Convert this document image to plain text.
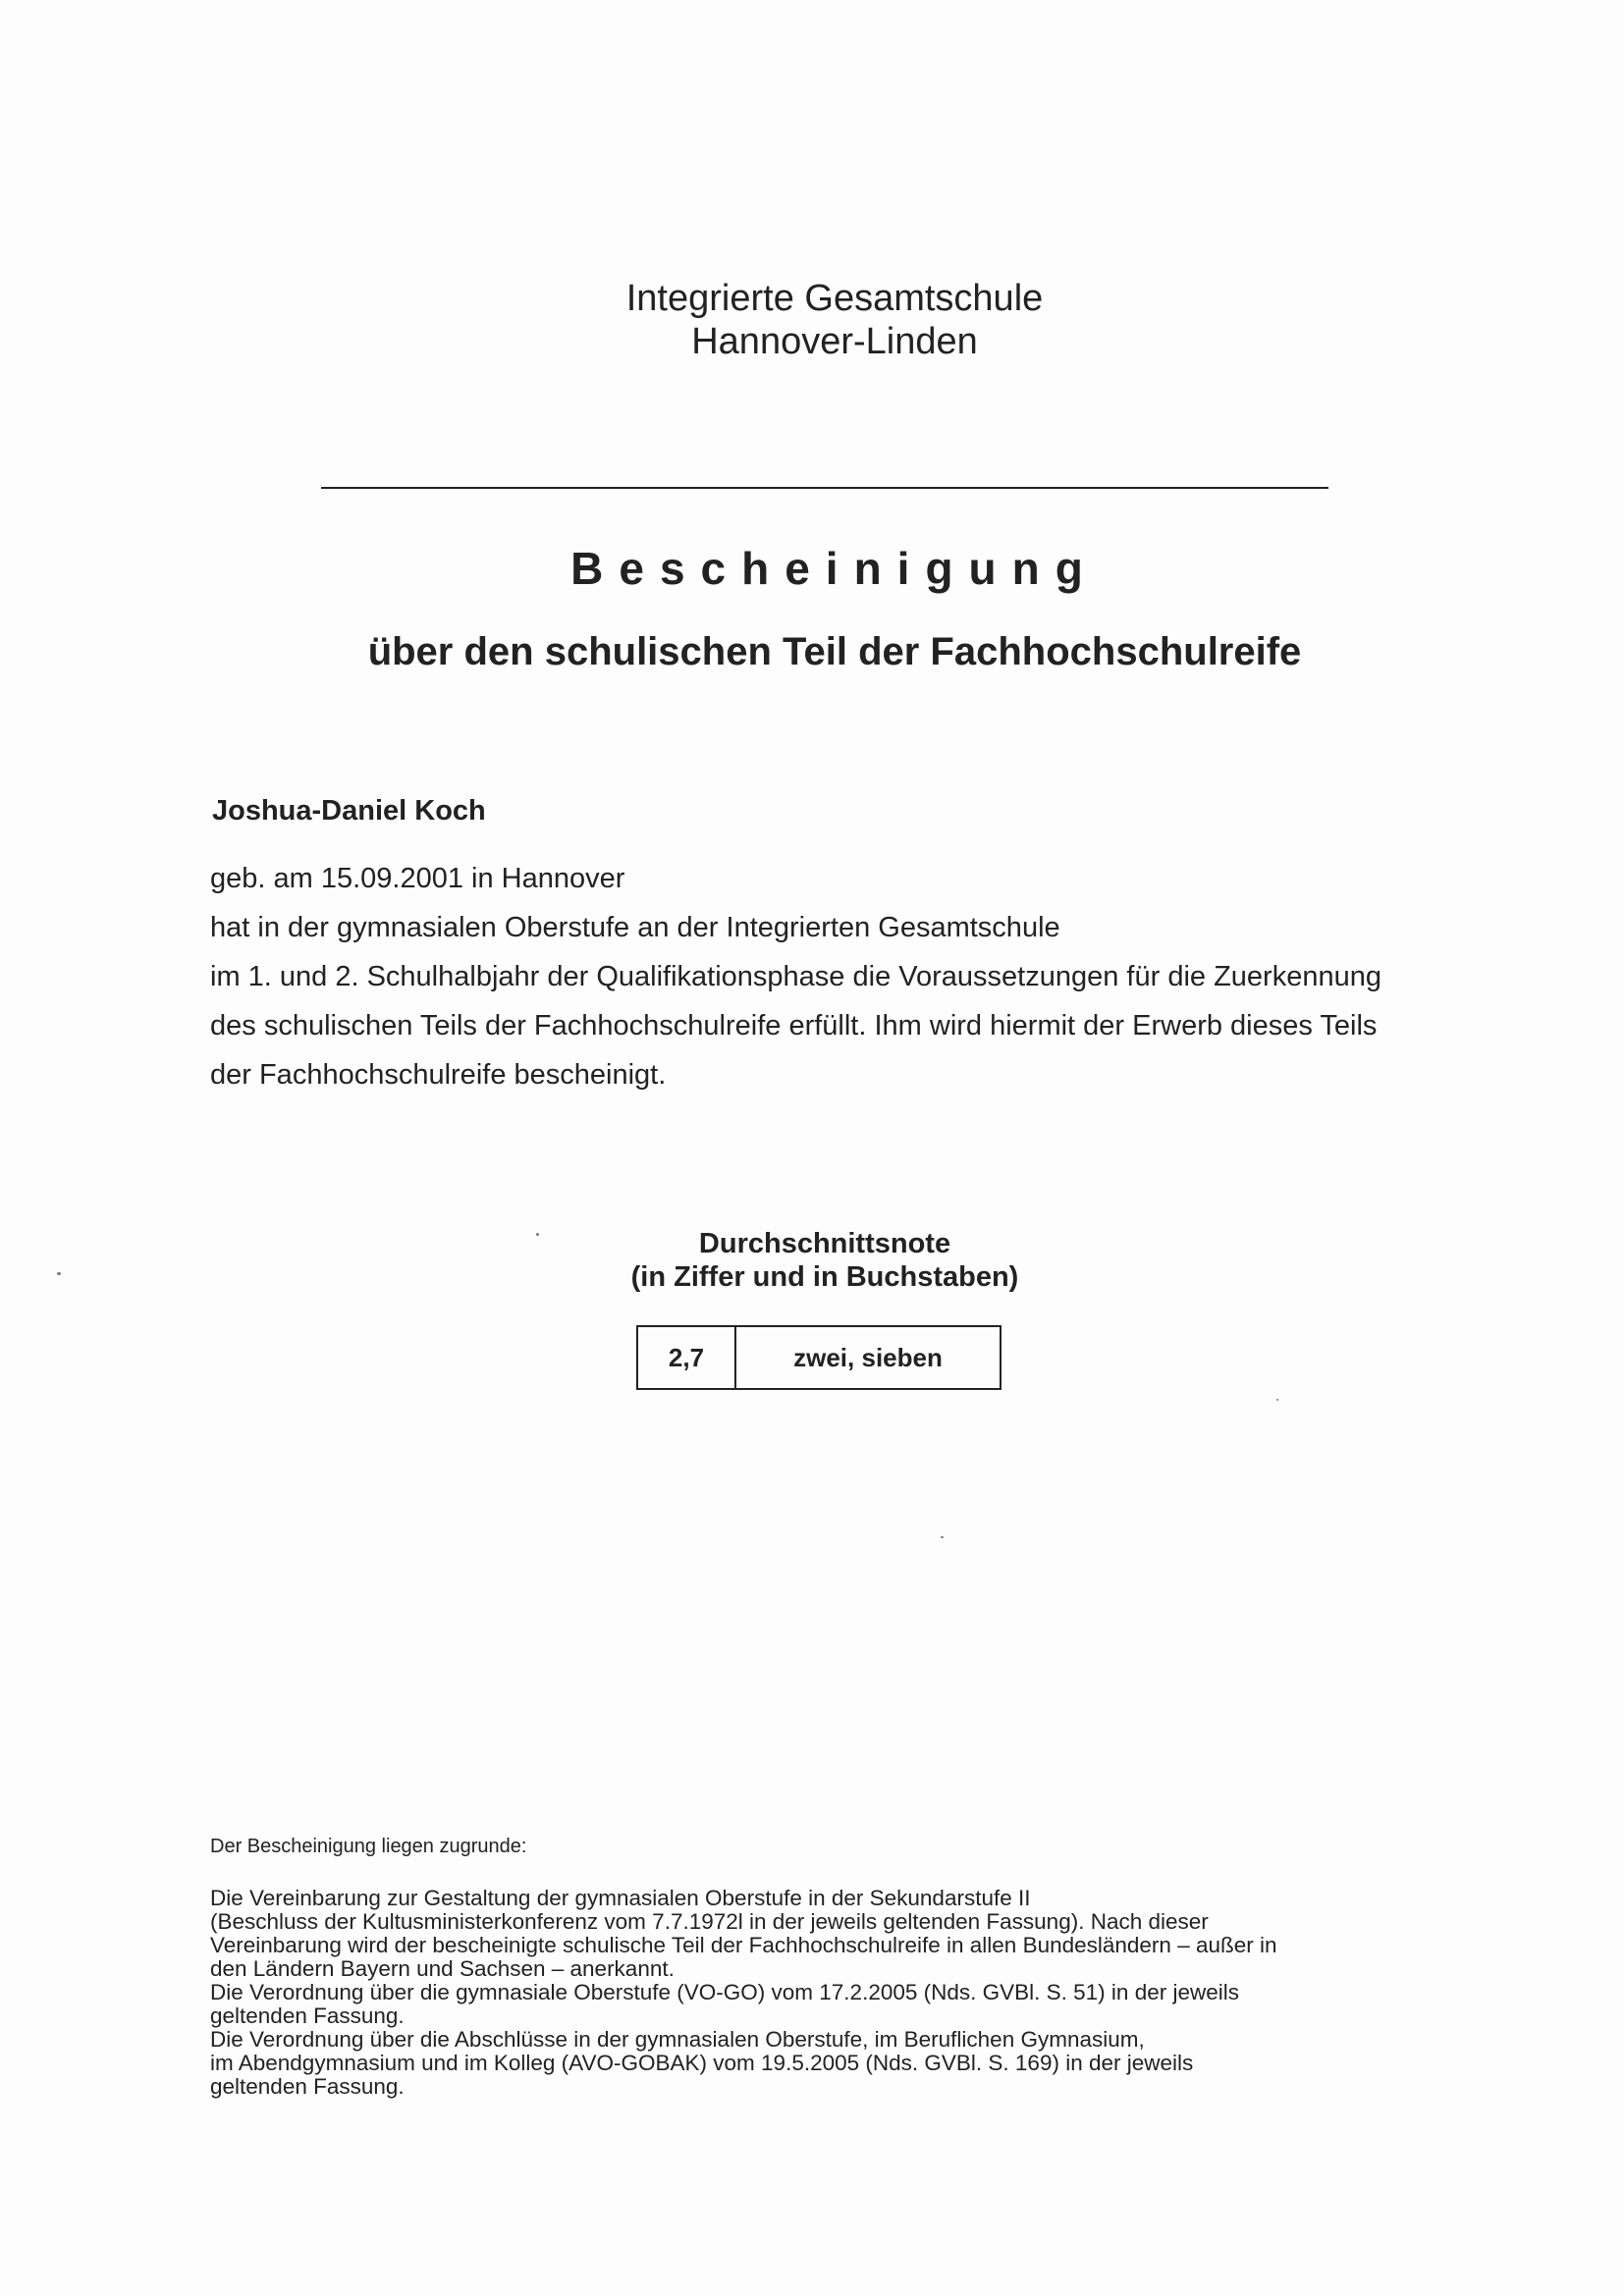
Integrierte Gesamtschule
Hannover-Linden
Bescheinigung
über den schulischen Teil der Fachhochschulreife
Joshua-Daniel Koch

geb. am 15.09.2001 in Hannover

hat in der gymnasialen Oberstufe an der Integrierten Gesamtschule

im 1. und 2. Schulhalbjahr der Qualifikationsphase die Voraussetzungen für die Zuerkennung

des schulischen Teils der Fachhochschulreife erfüllt. Ihm wird hiermit der Erwerb dieses Teils

der Fachhochschulreife bescheinigt.

Durchschnittsnote
(in Ziffer und in Buchstaben)
2,7	zwei, sieben
Der Bescheinigung liegen zugrunde:

Die Vereinbarung zur Gestaltung der gymnasialen Oberstufe in der Sekundarstufe II

(Beschluss der Kultusministerkonferenz vom 7.7.1972l in der jeweils geltenden Fassung). Nach dieser

Vereinbarung wird der bescheinigte schulische Teil der Fachhochschulreife in allen Bundesländern – außer in

den Ländern Bayern und Sachsen – anerkannt.

Die Verordnung über die gymnasiale Oberstufe (VO-GO) vom 17.2.2005 (Nds. GVBl. S. 51) in der jeweils

geltenden Fassung.

Die Verordnung über die Abschlüsse in der gymnasialen Oberstufe, im Beruflichen Gymnasium,

im Abendgymnasium und im Kolleg (AVO-GOBAK) vom 19.5.2005 (Nds. GVBl. S. 169) in der jeweils

geltenden Fassung.
